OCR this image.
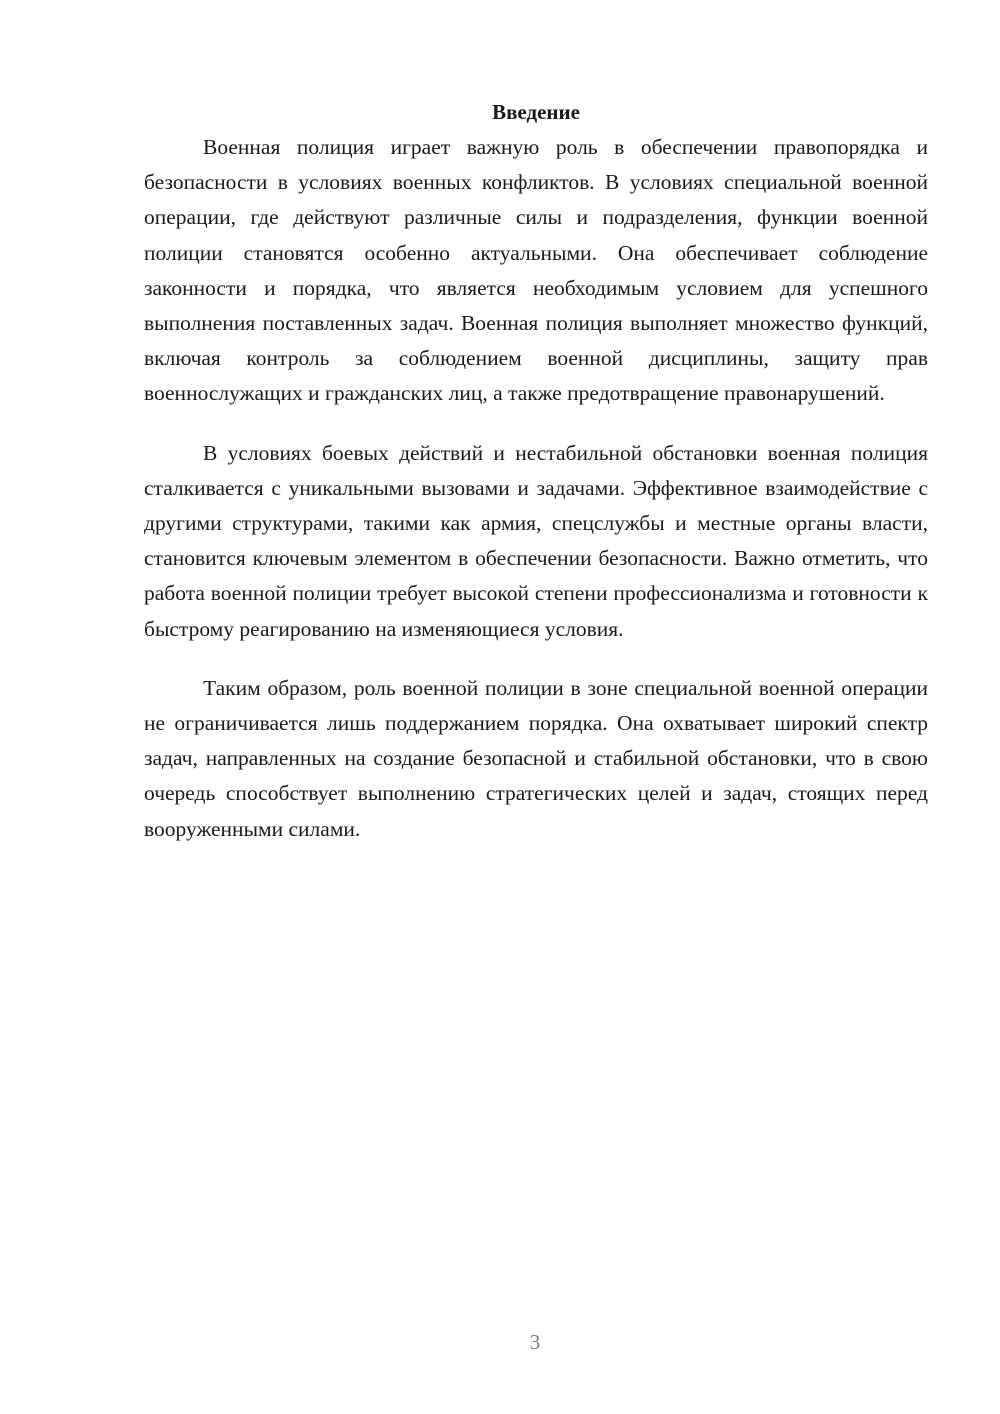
Введение

Военная полиция играет важную роль в обеспечении правопорядка и безопасности в условиях военных конфликтов. В условиях специальной военной операции, где действуют различные силы и подразделения, функции военной полиции становятся особенно актуальными. Она обеспечивает соблюдение законности и порядка, что является необходимым условием для успешного выполнения поставленных задач. Военная полиция выполняет множество функций, включая контроль за соблюдением военной дисциплины, защиту прав военнослужащих и гражданских лиц, а также предотвращение правонарушений.

В условиях боевых действий и нестабильной обстановки военная полиция сталкивается с уникальными вызовами и задачами. Эффективное взаимодействие с другими структурами, такими как армия, спецслужбы и местные органы власти, становится ключевым элементом в обеспечении безопасности. Важно отметить, что работа военной полиции требует высокой степени профессионализма и готовности к быстрому реагированию на изменяющиеся условия.

Таким образом, роль военной полиции в зоне специальной военной операции не ограничивается лишь поддержанием порядка. Она охватывает широкий спектр задач, направленных на создание безопасной и стабильной обстановки, что в свою очередь способствует выполнению стратегических целей и задач, стоящих перед вооруженными силами.

3
